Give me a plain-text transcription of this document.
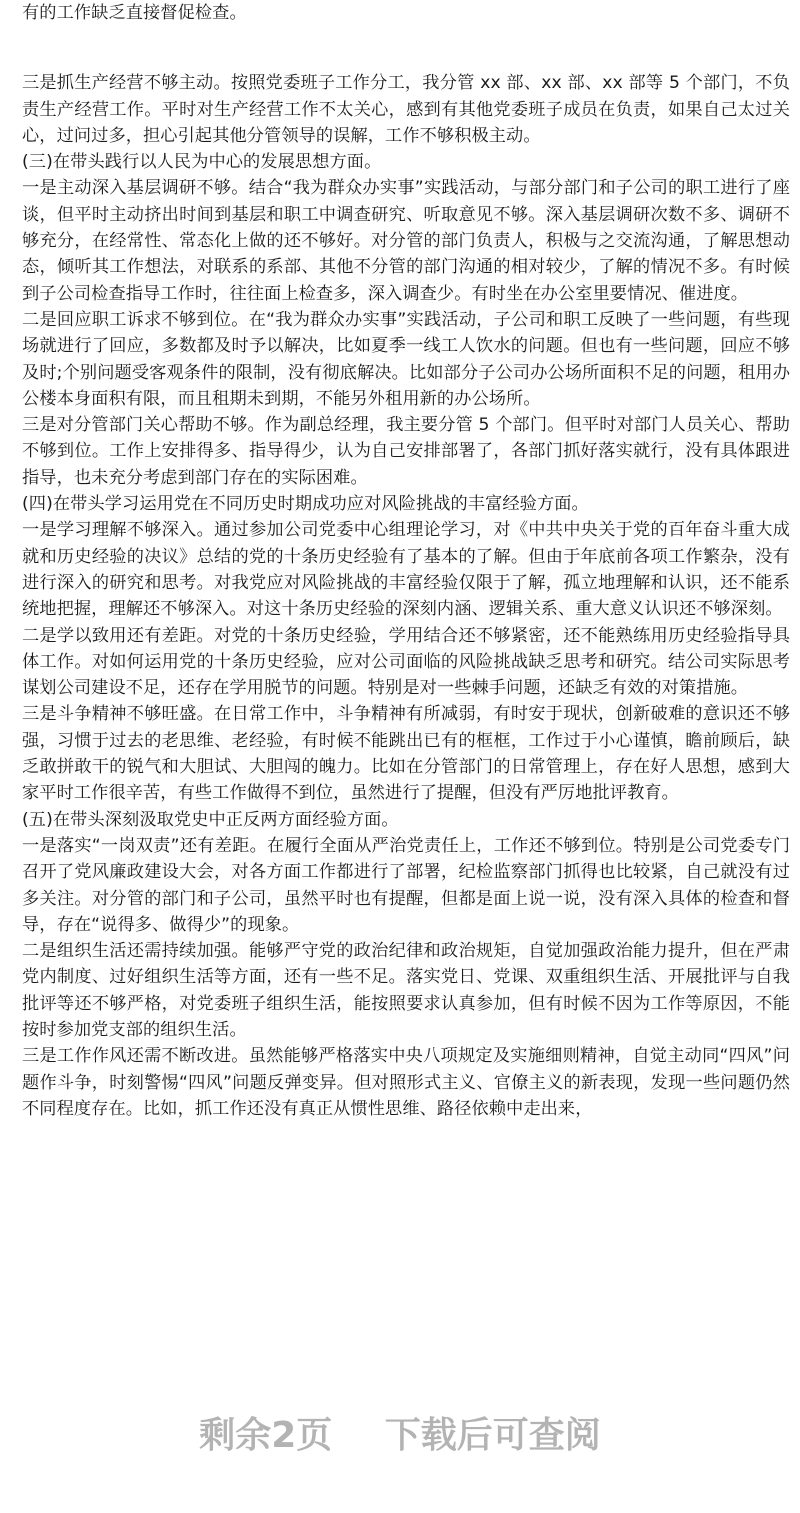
有的工作缺乏直接督促检查。

三是抓生产经营不够主动。按照党委班子工作分工，我分管 xx 部、xx 部、xx 部等 5 个部门，不负责生产经营工作。平时对生产经营工作不太关心，感到有其他党委班子成员在负责，如果自己太过关心，过问过多，担心引起其他分管领导的误解，工作不够积极主动。

(三)在带头践行以人民为中心的发展思想方面。

一是主动深入基层调研不够。结合“我为群众办实事”实践活动，与部分部门和子公司的职工进行了座谈，但平时主动挤出时间到基层和职工中调查研究、听取意见不够。深入基层调研次数不多、调研不够充分，在经常性、常态化上做的还不够好。对分管的部门负责人，积极与之交流沟通，了解思想动态，倾听其工作想法，对联系的系部、其他不分管的部门沟通的相对较少，了解的情况不多。有时候到子公司检查指导工作时，往往面上检查多，深入调查少。有时坐在办公室里要情况、催进度。

二是回应职工诉求不够到位。在“我为群众办实事”实践活动，子公司和职工反映了一些问题，有些现场就进行了回应，多数都及时予以解决，比如夏季一线工人饮水的问题。但也有一些问题，回应不够及时;个别问题受客观条件的限制，没有彻底解决。比如部分子公司办公场所面积不足的问题，租用办公楼本身面积有限，而且租期未到期，不能另外租用新的办公场所。

三是对分管部门关心帮助不够。作为副总经理，我主要分管 5 个部门。但平时对部门人员关心、帮助不够到位。工作上安排得多、指导得少，认为自己安排部署了，各部门抓好落实就行，没有具体跟进指导，也未充分考虑到部门存在的实际困难。

(四)在带头学习运用党在不同历史时期成功应对风险挑战的丰富经验方面。

一是学习理解不够深入。通过参加公司党委中心组理论学习，对《中共中央关于党的百年奋斗重大成就和历史经验的决议》总结的党的十条历史经验有了基本的了解。但由于年底前各项工作繁杂，没有进行深入的研究和思考。对我党应对风险挑战的丰富经验仅限于了解，孤立地理解和认识，还不能系统地把握，理解还不够深入。对这十条历史经验的深刻内涵、逻辑关系、重大意义认识还不够深刻。

二是学以致用还有差距。对党的十条历史经验，学用结合还不够紧密，还不能熟练用历史经验指导具体工作。对如何运用党的十条历史经验，应对公司面临的风险挑战缺乏思考和研究。结公司实际思考谋划公司建设不足，还存在学用脱节的问题。特别是对一些棘手问题，还缺乏有效的对策措施。

三是斗争精神不够旺盛。在日常工作中，斗争精神有所减弱，有时安于现状，创新破难的意识还不够强，习惯于过去的老思维、老经验，有时候不能跳出已有的框框，工作过于小心谨慎，瞻前顾后，缺乏敢拼敢干的锐气和大胆试、大胆闯的魄力。比如在分管部门的日常管理上，存在好人思想，感到大家平时工作很辛苦，有些工作做得不到位，虽然进行了提醒，但没有严厉地批评教育。

(五)在带头深刻汲取党史中正反两方面经验方面。

一是落实“一岗双责”还有差距。在履行全面从严治党责任上，工作还不够到位。特别是公司党委专门召开了党风廉政建设大会，对各方面工作都进行了部署，纪检监察部门抓得也比较紧，自己就没有过多关注。对分管的部门和子公司，虽然平时也有提醒，但都是面上说一说，没有深入具体的检查和督导，存在“说得多、做得少”的现象。

二是组织生活还需持续加强。能够严守党的政治纪律和政治规矩，自觉加强政治能力提升，但在严肃党内制度、过好组织生活等方面，还有一些不足。落实党日、党课、双重组织生活、开展批评与自我批评等还不够严格，对党委班子组织生活，能按照要求认真参加，但有时候不因为工作等原因，不能按时参加党支部的组织生活。

三是工作作风还需不断改进。虽然能够严格落实中央八项规定及实施细则精神，自觉主动同“四风”问题作斗争，时刻警惕“四风”问题反弹变异。但对照形式主义、官僚主义的新表现，发现一些问题仍然不同程度存在。比如，抓工作还没有真正从惯性思维、路径依赖中走出来，

剩余2页 下载后可查阅
